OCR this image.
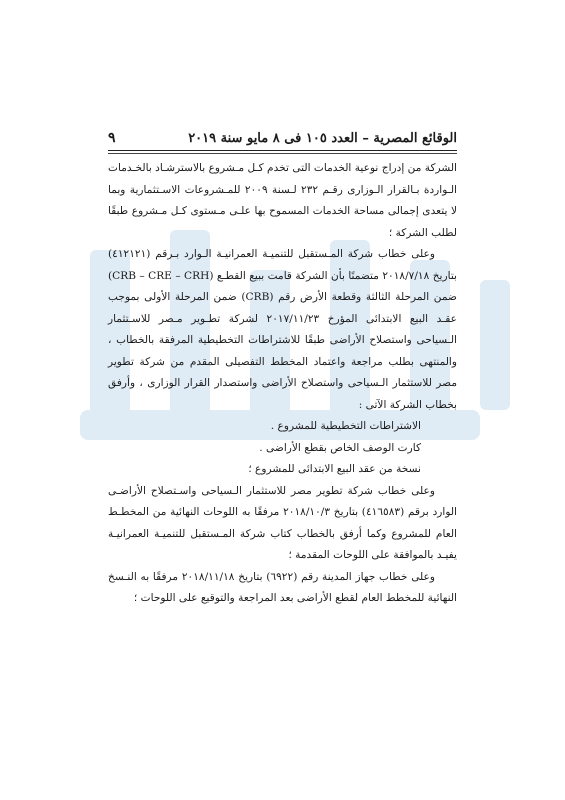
الوقائع المصرية – العدد ١٠٥ فى ٨ مايو سنة ٢٠١٩
٩

الشركة من إدراج نوعية الخدمات التى تخدم كـل مـشروع بالاسترشـاد بالخـدمات الـواردة بـالقرار الـوزارى رقـم ٢٣٢ لـسنة ٢٠٠٩ للمـشروعات الاسـتثمارية وبما لا يتعدى إجمالى مساحة الخدمات المسموح بها علـى مـستوى كـل مـشروع طبقًا لطلب الشركة ؛

وعلى خطاب شركة المـستقبل للتنميـة العمرانيـة الـوارد بـرقم (٤١٢١٢١) بتاريخ ٢٠١٨/٧/١٨ متضمنًا بأن الشركة قامت ببيع القطـع (CRB – CRE – CRH) ضمن المرحلة الثالثة وقطعة الأرض رقم (CRB) ضمن المرحلة الأولى بموجب عقـد البيع الابتدائى المؤرخ ٢٠١٧/١١/٢٣ لشركة تطـوير مـصر للاسـتثمار الـسياحى واستصلاح الأراضى طبقًا للاشتراطات التخطيطية المرفقة بالخطاب ، والمنتهى بطلب مراجعة واعتماد المخطط التفصيلى المقدم من شركة تطوير مصر للاستثمار الـسياحى واستصلاح الأراضى واستصدار القرار الوزارى ، وأرفق بخطاب الشركة الآتى :

الاشتراطات التخطيطية للمشروع .
كارت الوصف الخاص بقطع الأراضى .
نسخة من عقد البيع الابتدائى للمشروع ؛

وعلى خطاب شركة تطوير مصر للاستثمار الـسياحى واسـتصلاح الأراضـى الوارد برقم (٤١٦٥٨٣) بتاريخ ٢٠١٨/١٠/٣ مرفقًا به اللوحات النهائية من المخطـط العام للمشروع وكما أرفق بالخطاب كتاب شركة المـستقبل للتنميـة العمرانيـة يفيـد بالموافقة على اللوحات المقدمة ؛

وعلى خطاب جهاز المدينة رقم (٦٩٢٢) بتاريخ ٢٠١٨/١١/١٨ مرفقًا به النـسخ النهائية للمخطط العام لقطع الأراضى بعد المراجعة والتوقيع على اللوحات ؛
